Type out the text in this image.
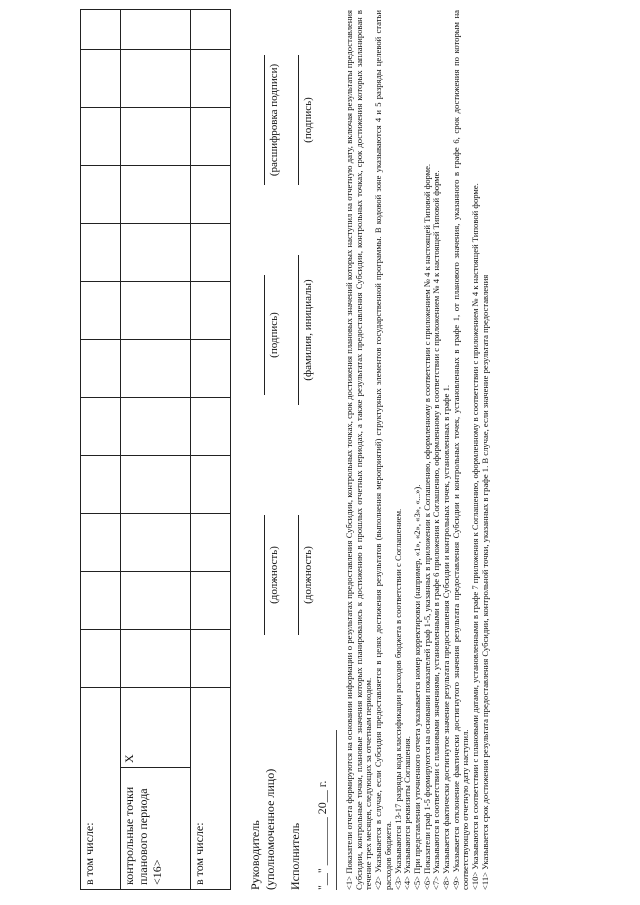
в том числе:													
контрольные точки планового периода <16>	X												
в том числе:														Руководитель (уполномоченное лицо)
(должность)
(подпись)
(расшифровка подписи)
Исполнитель
(должность)
(фамилия, инициалы)
(подпись)
"__" ________ 20__ г. <1> Показатели отчета формируются на основании информации о результатах предоставления Субсидии, контрольных точках, срок достижения плановых значений которых наступил на отчетную дату, включая результаты предоставления Субсидии, контрольные точки, плановые значения которых планировались к достижению в прошлых отчетных периодах, а также результатах предоставления Субсидии, контрольных точках, срок достижения которых запланирован в течение трех месяцев, следующих за отчетным периодом. <2> Указывается в случае, если Субсидия предоставляется в целях достижения результатов (выполнения мероприятий) структурных элементов государственной программы. В кодовой зоне указываются 4 и 5 разряды целевой статьи расходов бюджета. <3> Указываются 13-17 разряды кода классификации расходов бюджета в соответствии с Соглашением. <4> Указываются реквизиты Соглашения. <5> При представлении уточненного отчета указывается номер корректировки (например, «1», «2», «3», «...»). <6> Показатели граф 1-5 формируются на основании показателей граф 1-5, указанных в приложении к Соглашению, оформленному в соответствии с приложением № 4 к настоящей Типовой форме. <7> Указываются в соответствии с плановыми значениями, установленными в графе 6 приложения к Соглашению, оформленному в соответствии с приложением № 4 к настоящей Типовой форме. <8> Указывается фактически достигнутое значение результата предоставления Субсидии и контрольных точек, установленных в графе 1. <9> Указывается отклонение фактически достигнутого значения результата предоставления Субсидии и контрольных точек, установленных в графе 1, от планового значения, указанного в графе 6, срок достижения по которым на соответствующую отчетную дату наступил. <10> Указываются в соответствии с плановыми датами, установленными в графе 7 приложения к Соглашению, оформленному в соответствии с приложением № 4 к настоящей Типовой форме. <11> Указывается срок достижения результата предоставления Субсидии, контрольной точки, указанных в графе 1. В случае, если значение результата предоставления
